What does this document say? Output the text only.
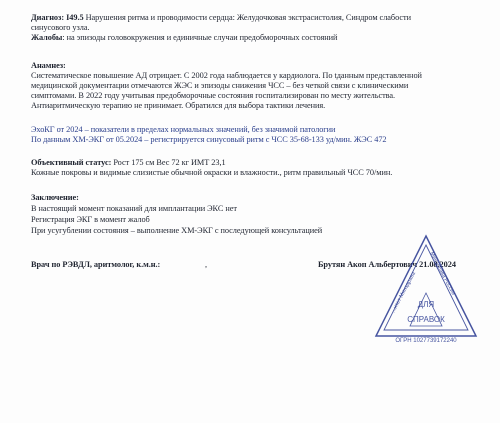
Диагноз: I49.5 Нарушения ритма и проводимости сердца: Желудочковая экстрасистолия, Синдром слабости
синусового узла.
Жалобы: на эпизоды головокружения и единичные случаи предобморочных состояний
Анамнез:
Систематическое повышение АД отрицает. С 2002 года наблюдается у кардиолога. По tданным представленной
медицинской документации отмечаются ЖЭС и эпизоды снижения ЧСС – без четкой связи с клиническими
симптомами. В 2022 году учитывая предобморочные состояния госпитализирован по месту жительства.
Антиаритмическую терапию не принимает. Обратился для выбора тактики лечения.
ЭхоКГ от 2024 – показатели в пределах нормальных значений, без значимой патологии
По данным ХМ-ЭКГ от 05.2024 – регистрируется синусовый ритм с ЧСС 35-68-133 уд/мин. ЖЭС 472
Объективный статус: Рост 175 см Вес 72 кг ИМТ 23,1
Кожные покровы и видимые слизистые обычной окраски и влажности., ритм правильный ЧСС 70/мин.
Заключение:
В настоящий момент показаний для имплантации ЭКС нет
Регистрация ЭКГ в момент жалоб
При усугублении состояния – выполнение ХМ-ЭКГ с последующей консультацией
Врач по РЭВДЛ, аритмолог, к.м.н.:	,	Брутян Акоп Альбертович 21.08.2024
ДЛЯ
СПРАВОК
ОГРН 1027739172240
...итет Минздрава Минздрава России
